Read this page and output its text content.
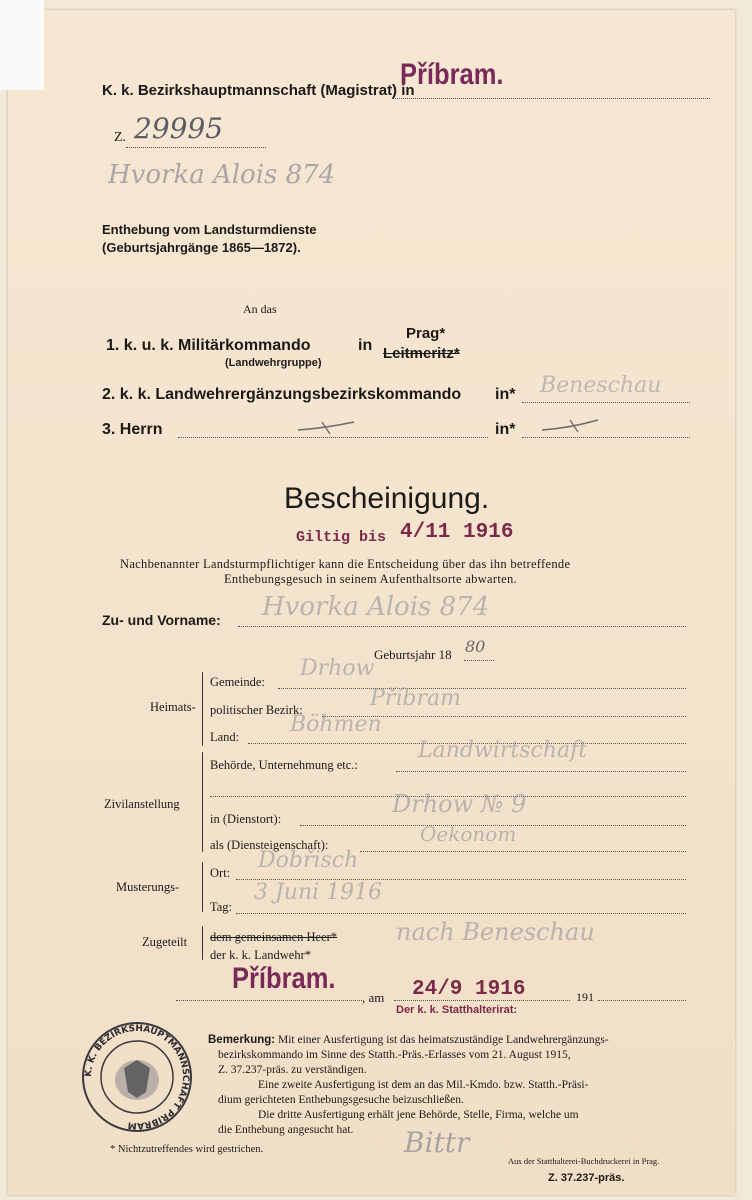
K. k. Bezirkshauptmannschaft (Magistrat) in
Příbram.
Z. 29995
Hvorka Alois 874
Enthebung vom Landsturmdienste
(Geburtsjahrgänge 1865—1872).
An das
1. k. u. k. Militärkommando	in
Prag*
Leitmeritz*
(Landwehrgruppe)
2. k. k. Landwehrergänzungsbezirkskommando in* Beneschau
3. Herrn	in*
Bescheinigung.
Giltig bis 4/11 1916
Nachbenannter Landsturmpflichtiger kann die Entscheidung über das ihn betreffende
Enthebungsgesuch in seinem Aufenthaltsorte abwarten.
Zu- und Vorname: Hvorka Alois 874
Geburtsjahr 18 80
Heimats-
Gemeinde:
Drhow
politischer Bezirk:	Příbram
Land: Böhmen
Zivilanstellung
Behörde, Unternehmung etc.:
Landwirtschaft
in (Dienstort):
Drhow № 9
als (Diensteigenschaft):	Oekonom
Musterungs-
Ort: Dobřisch
Tag:
3 Juni 1916
Zugeteilt dem gemeinsamen Heer*
der k. k. Landwehr*
nach Beneschau
Příbram.
, am 24/9 1916	191
Der k. k. Statthalterirat:
K. K. BEZIRKSHAUPTMANNSCHAFT PŘÍBRAM
Bemerkung: Mit einer Ausfertigung ist das heimatszuständige Landwehrergänzungs-
bezirkskommando im Sinne des Statth.-Präs.-Erlasses vom 21. August 1915,
Z. 37.237-präs. zu verständigen.
Eine zweite Ausfertigung ist dem an das Mil.-Kmdo. bzw. Statth.-Präsi-
dium gerichteten Enthebungsgesuche beizuschließen.
Die dritte Ausfertigung erhält jene Behörde, Stelle, Firma, welche um
die Enthebung angesucht hat.
* Nichtzutreffendes wird gestrichen.	Bittr
Aus der Statthalterei-Buchdruckerei in Prag.
Z. 37.237-präs.
